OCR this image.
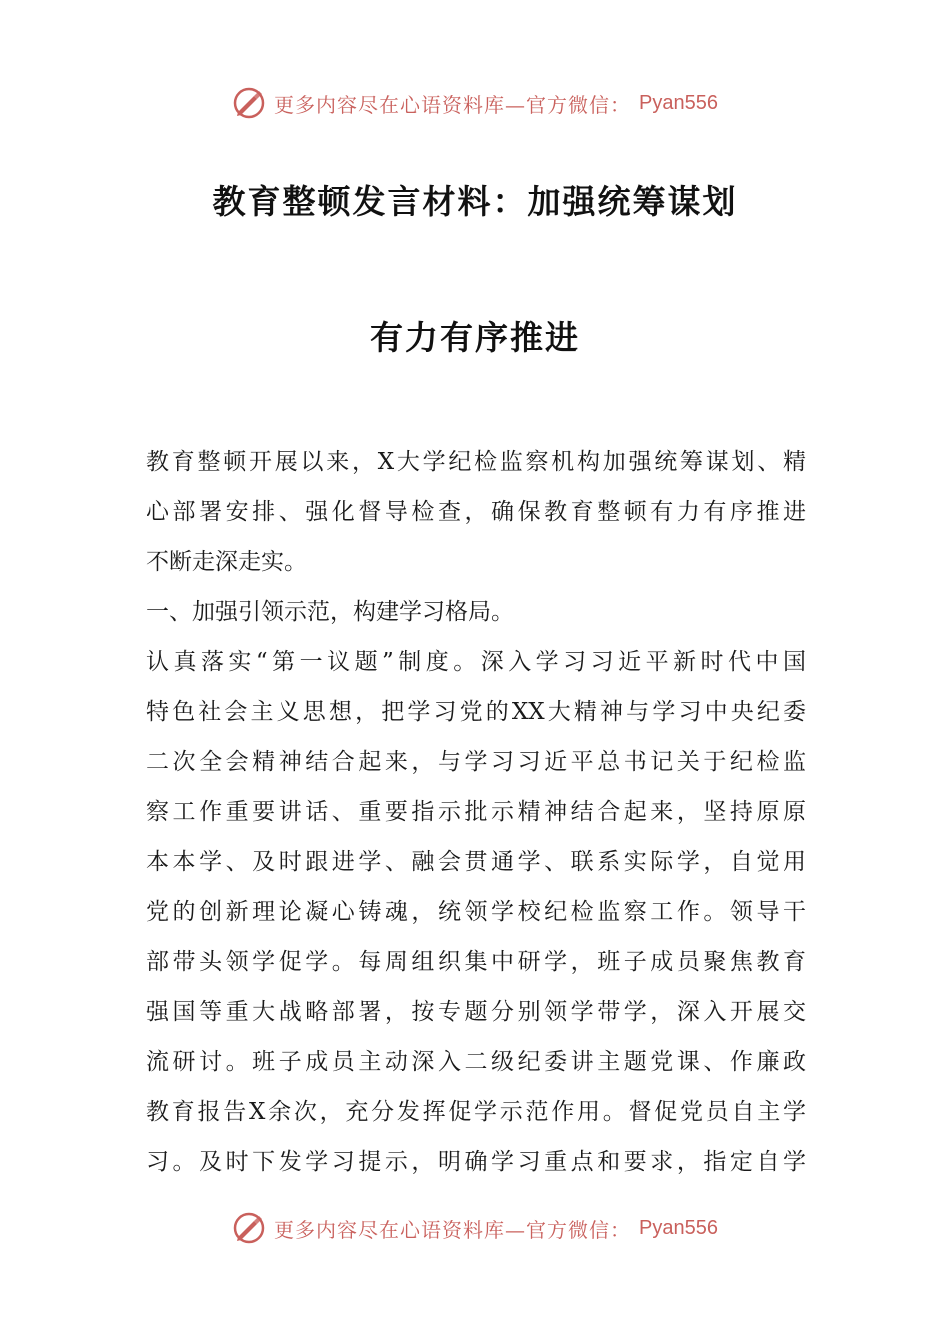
更多内容尽在心语资料库—官方微信： Pyan556
教育整顿发言材料：加强统筹谋划
有力有序推进
教育整顿开展以来，X大学纪检监察机构加强统筹谋划、精
心部署安排、强化督导检查，确保教育整顿有力有序推进
不断走深走实。
一、加强引领示范，构建学习格局。
认真落实“第一议题”制度。深入学习习近平新时代中国
特色社会主义思想，把学习党的XX大精神与学习中央纪委
二次全会精神结合起来，与学习习近平总书记关于纪检监
察工作重要讲话、重要指示批示精神结合起来，坚持原原
本本学、及时跟进学、融会贯通学、联系实际学，自觉用
党的创新理论凝心铸魂，统领学校纪检监察工作。领导干
部带头领学促学。每周组织集中研学，班子成员聚焦教育
强国等重大战略部署，按专题分别领学带学，深入开展交
流研讨。班子成员主动深入二级纪委讲主题党课、作廉政
教育报告X余次，充分发挥促学示范作用。督促党员自主学
习。及时下发学习提示，明确学习重点和要求，指定自学
更多内容尽在心语资料库—官方微信： Pyan556
